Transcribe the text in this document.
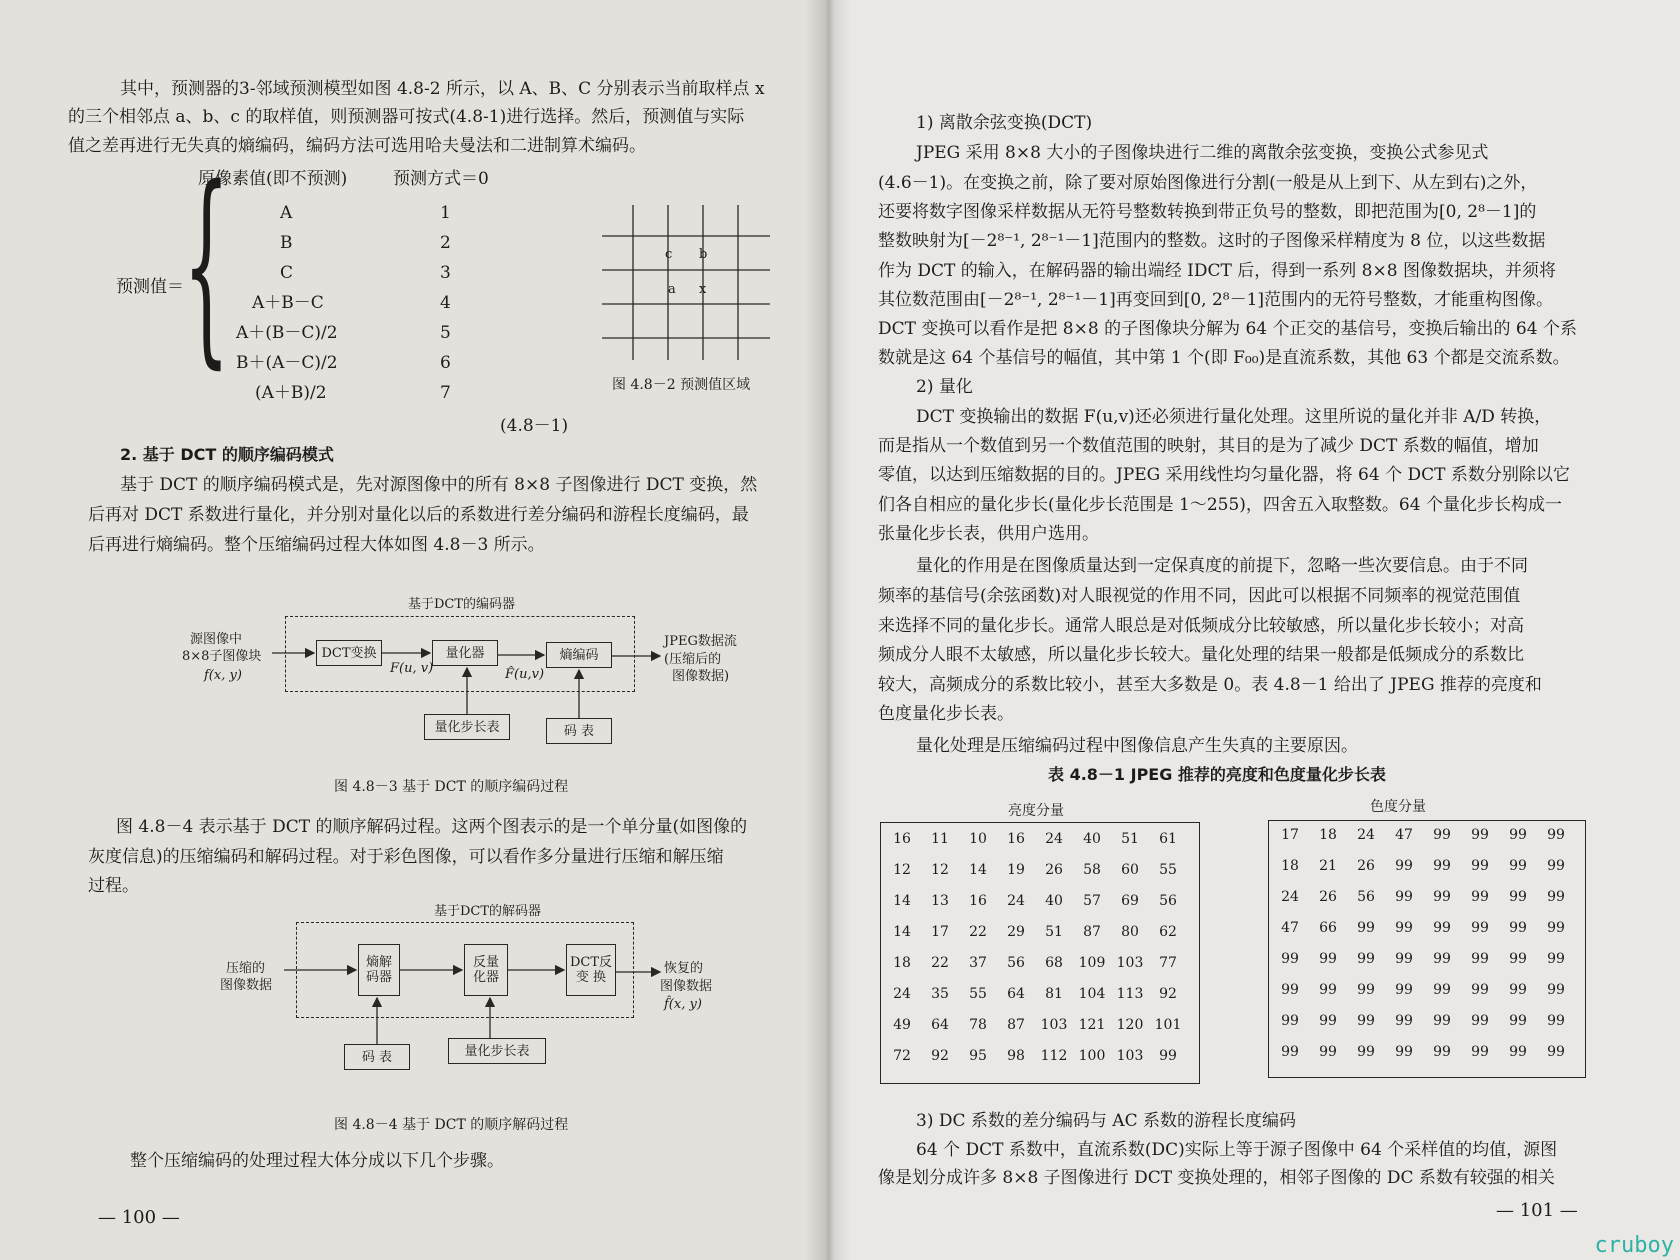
其中，预测器的3-邻域预测模型如图 4.8-2 所示，以 A、B、C 分别表示当前取样点 x

的三个相邻点 a、b、c 的取样值，则预测器可按式(4.8-1)进行选择。然后，预测值与实际

值之差再进行无失真的熵编码，编码方法可选用哈夫曼法和二进制算术编码。

预测值＝ {
原像素值(即不预测)	预测方式＝0
A	1
B	2
C	3
A＋B－C	4
A＋(B－C)/2	5
B＋(A－C)/2	6
(A＋B)/2	7
(4.8－1)
c b
a x
图 4.8－2 预测值区域

2. 基于 DCT 的顺序编码模式

基于 DCT 的顺序编码模式是，先对源图像中的所有 8×8 子图像进行 DCT 变换，然

后再对 DCT 系数进行量化，并分别对量化以后的系数进行差分编码和游程长度编码，最

后再进行熵编码。整个压缩编码过程大体如图 4.8－3 所示。

基于DCT的编码器
源图像中
8×8子图像块
f(x, y)
DCT变换
F(u, v)
量化器
F̂(u,v)
熵编码
JPEG数据流
(压缩后的
图像数据)
量化步长表	码 表
图 4.8－3 基于 DCT 的顺序编码过程

图 4.8－4 表示基于 DCT 的顺序解码过程。这两个图表示的是一个单分量(如图像的

灰度信息)的压缩编码和解码过程。对于彩色图像，可以看作多分量进行压缩和解压缩

过程。

基于DCT的解码器
压缩的
图像数据
熵解
码器
反量
化器
DCT反
变 换
恢复的
图像数据
f̂(x, y)
码 表	量化步长表
图 4.8－4 基于 DCT 的顺序解码过程

整个压缩编码的处理过程大体分成以下几个步骤。

— 100 —

1) 离散余弦变换(DCT)

JPEG 采用 8×8 大小的子图像块进行二维的离散余弦变换，变换公式参见式

(4.6－1)。在变换之前，除了要对原始图像进行分割(一般是从上到下、从左到右)之外，

还要将数字图像采样数据从无符号整数转换到带正负号的整数，即把范围为[0, 2⁸－1]的

整数映射为[－2⁸⁻¹, 2⁸⁻¹－1]范围内的整数。这时的子图像采样精度为 8 位，以这些数据

作为 DCT 的输入，在解码器的输出端经 IDCT 后，得到一系列 8×8 图像数据块，并须将

其位数范围由[－2⁸⁻¹, 2⁸⁻¹－1]再变回到[0, 2⁸－1]范围内的无符号整数，才能重构图像。

DCT 变换可以看作是把 8×8 的子图像块分解为 64 个正交的基信号，变换后输出的 64 个系

数就是这 64 个基信号的幅值，其中第 1 个(即 F₀₀)是直流系数，其他 63 个都是交流系数。

2) 量化

DCT 变换输出的数据 F(u,v)还必须进行量化处理。这里所说的量化并非 A/D 转换，

而是指从一个数值到另一个数值范围的映射，其目的是为了减少 DCT 系数的幅值，增加

零值，以达到压缩数据的目的。JPEG 采用线性均匀量化器，将 64 个 DCT 系数分别除以它

们各自相应的量化步长(量化步长范围是 1～255)，四舍五入取整数。64 个量化步长构成一

张量化步长表，供用户选用。

量化的作用是在图像质量达到一定保真度的前提下，忽略一些次要信息。由于不同

频率的基信号(余弦函数)对人眼视觉的作用不同，因此可以根据不同频率的视觉范围值

来选择不同的量化步长。通常人眼总是对低频成分比较敏感，所以量化步长较小；对高

频成分人眼不太敏感，所以量化步长较大。量化处理的结果一般都是低频成分的系数比

较大，高频成分的系数比较小，甚至大多数是 0。表 4.8－1 给出了 JPEG 推荐的亮度和

色度量化步长表。

量化处理是压缩编码过程中图像信息产生失真的主要原因。

表 4.8－1 JPEG 推荐的亮度和色度量化步长表

亮度分量
16	11	10	16	24	40	51	61
12	12	14	19	26	58	60	55
14	13	16	24	40	57	69	56
14	17	22	29	51	87	80	62
18	22	37	56	68	109 103	77
24	35	55	64	81	104 113	92
49	64	78	87	103 121 120 101
72	92	95	98	112 100 103	99
色度分量
17	18	24	47	99	99	99	99
18	21	26	99	99	99	99	99
24	26	56	99	99	99	99	99
47	66	99	99	99	99	99	99
99	99	99	99	99	99	99	99
99	99	99	99	99	99	99	99
99	99	99	99	99	99	99	99
99	99	99	99	99	99	99	99

3) DC 系数的差分编码与 AC 系数的游程长度编码

64 个 DCT 系数中，直流系数(DC)实际上等于源子图像中 64 个采样值的均值，源图

像是划分成许多 8×8 子图像进行 DCT 变换处理的，相邻子图像的 DC 系数有较强的相关

— 101 —
cruboy
